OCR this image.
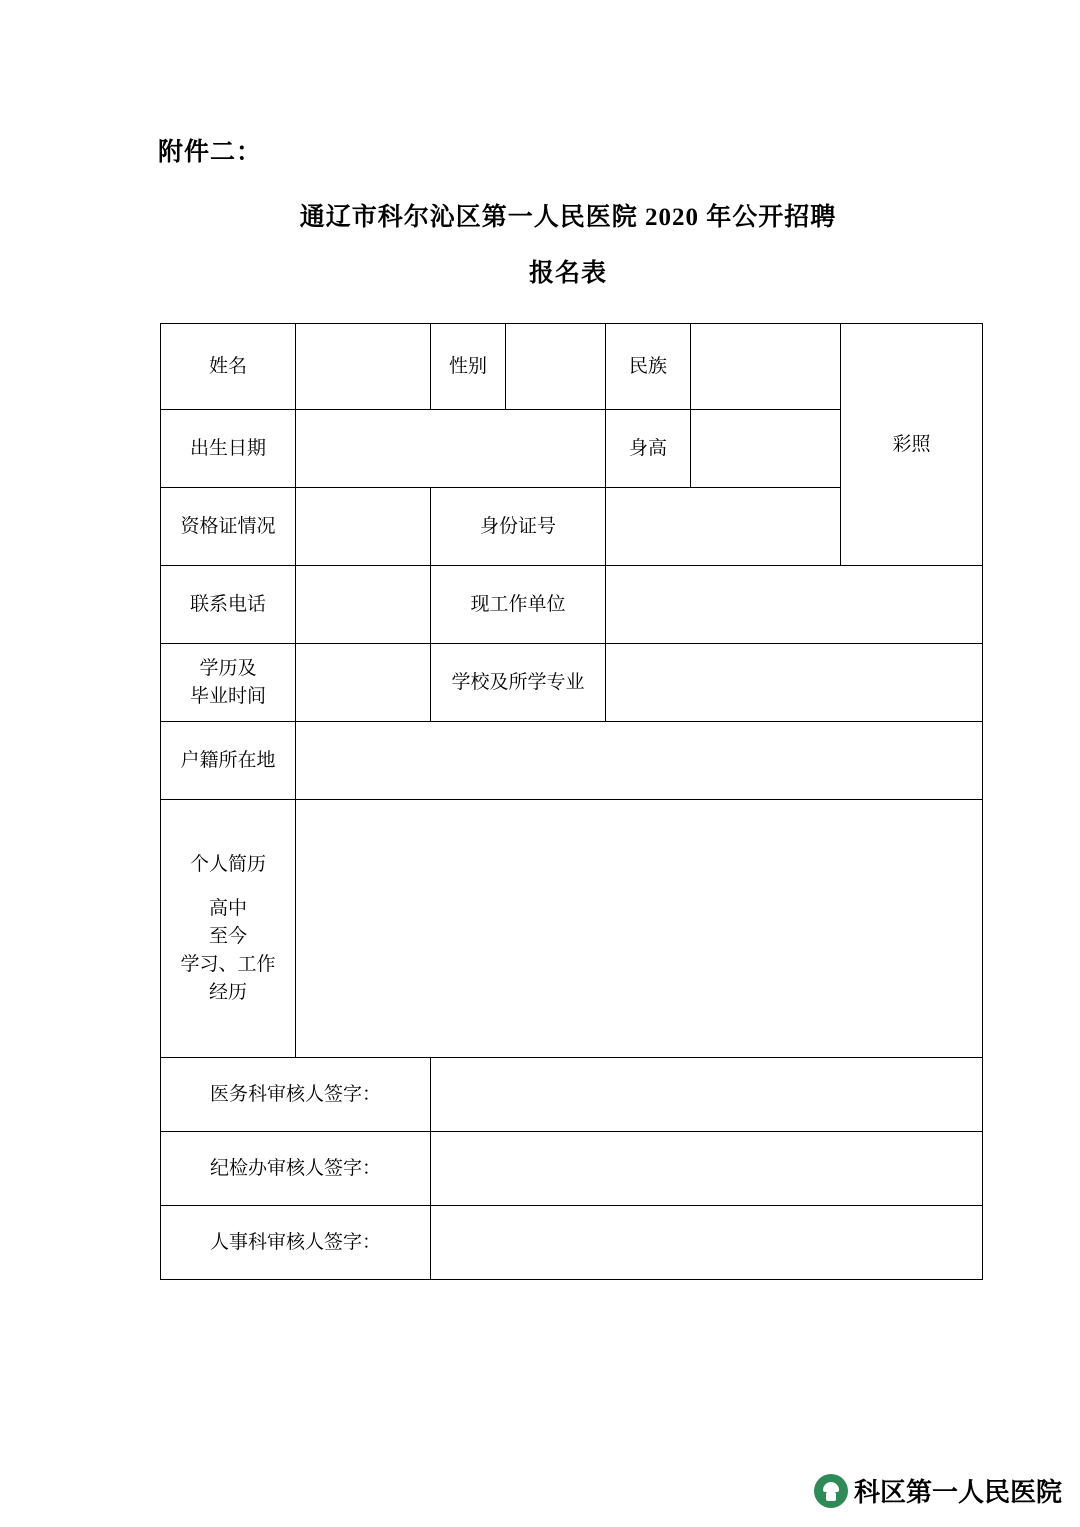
附件二：
通辽市科尔沁区第一人民医院 2020 年公开招聘
报名表
姓名		性别		民族		彩照
出生日期				身高		
资格证情况		身份证号				
联系电话		现工作单位				
学历及
毕业时间		学校及所学专业				
户籍所在地						
个人简历
高中
至今
学习、工作
经历						
医务科审核人签字：						
纪检办审核人签字：						
人事科审核人签字：						
科区第一人民医院
